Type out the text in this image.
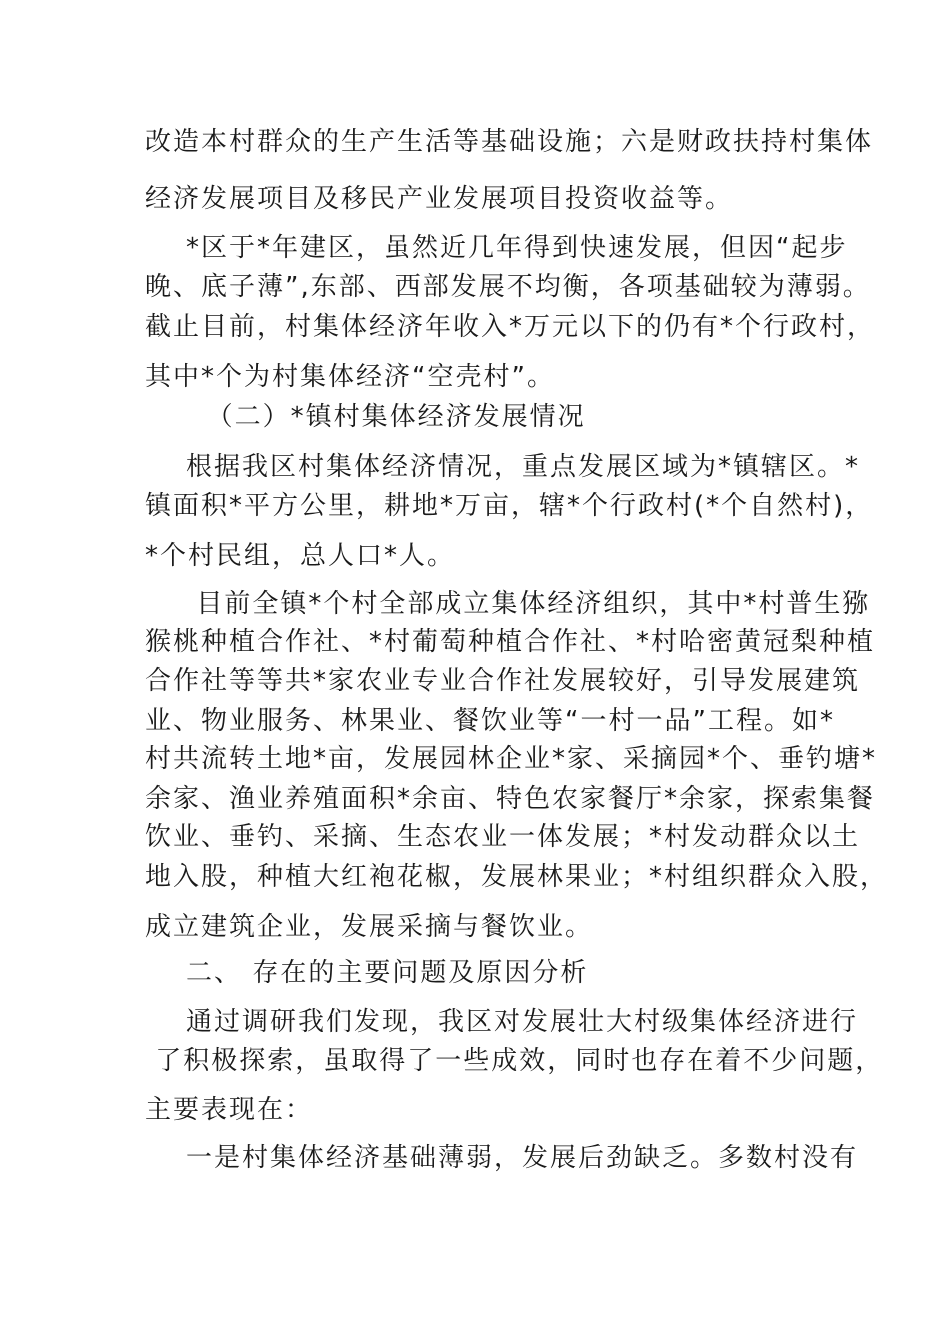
改造本村群众的生产生活等基础设施；六是财政扶持村集体
经济发展项目及移民产业发展项目投资收益等。
*区于*年建区，虽然近几年得到快速发展，但因“起步
晚、底子薄”,东部、西部发展不均衡，各项基础较为薄弱。
截止目前，村集体经济年收入*万元以下的仍有*个行政村，
其中*个为村集体经济“空壳村”。
（二）*镇村集体经济发展情况
根据我区村集体经济情况，重点发展区域为*镇辖区。*
镇面积*平方公里，耕地*万亩，辖*个行政村(*个自然村)，
*个村民组，总人口*人。
目前全镇*个村全部成立集体经济组织，其中*村普生猕
猴桃种植合作社、*村葡萄种植合作社、*村哈密黄冠梨种植
合作社等等共*家农业专业合作社发展较好，引导发展建筑
业、物业服务、林果业、餐饮业等“一村一品”工程。如*
村共流转土地*亩，发展园林企业*家、采摘园*个、垂钓塘*
余家、渔业养殖面积*余亩、特色农家餐厅*余家，探索集餐
饮业、垂钓、采摘、生态农业一体发展；*村发动群众以土
地入股，种植大红袍花椒，发展林果业；*村组织群众入股，
成立建筑企业，发展采摘与餐饮业。
二、 存在的主要问题及原因分析
通过调研我们发现，我区对发展壮大村级集体经济进行
了积极探索，虽取得了一些成效，同时也存在着不少问题，
主要表现在：
一是村集体经济基础薄弱，发展后劲缺乏。多数村没有
